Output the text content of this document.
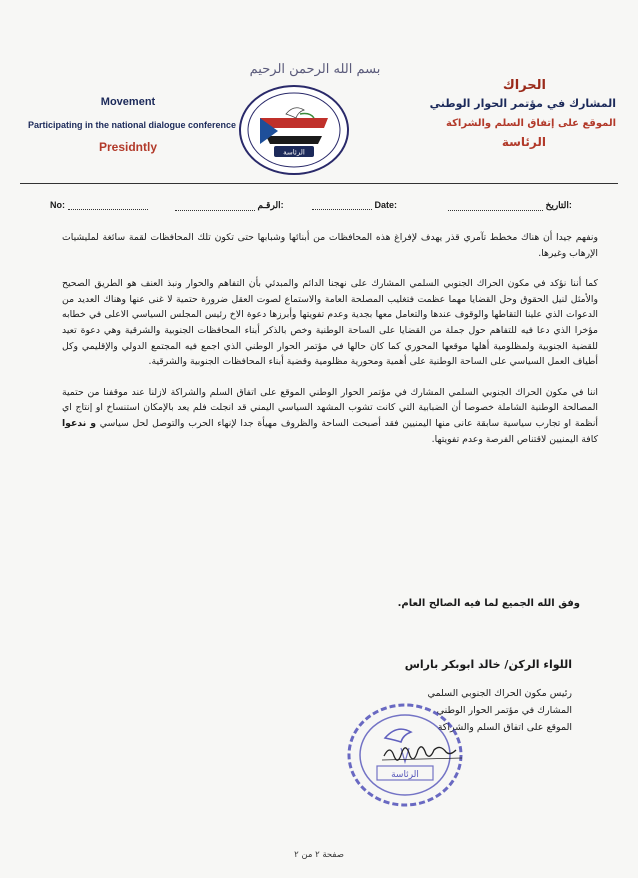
Movement
Participating in the national dialogue conference
Presidntly
بسم الله الرحمن الرحيم
الرئاسة
الحراك
المشارك في مؤتمر الحوار الوطني
الموقع على إتفاق السلم والشراكة
الرئاسة
No:	الرقـم:	Date:	التاريخ:

ونفهم جيدا أن هناك مخطط تآمري قذر يهدف لإفراغ هذه المحافظات من أبنائها وشبابها حتى تكون تلك المحافظات لقمة سائغة لمليشيات الإرهاب وغيرها.

كما أننا نؤكد في مكون الحراك الجنوبي السلمي المشارك على نهجنا الدائم والمبدئي بأن التفاهم والحوار ونبذ العنف هو الطريق الصحيح والأمثل لنيل الحقوق وحل القضايا مهما عظمت فتغليب المصلحة العامة والاستماع لصوت العقل ضرورة حتمية لا غنى عنها وهناك العديد من الدعوات الذي علينا التقاطها والوقوف عندها والتعامل معها بجدية وعدم تفويتها وأبرزها دعوة الاخ رئيس المجلس السياسي الاعلى في خطابه مؤخرا الذي دعا فيه للتفاهم حول جملة من القضايا على الساحة الوطنية وخص بالذكر أبناء المحافظات الجنوبية والشرقية وهي دعوة تعيد للقضية الجنوبية ولمظلومية أهلها موقعها المحوري كما كان حالها في مؤتمر الحوار الوطني الذي اجمع فيه المجتمع الدولي والإقليمي وكل أطياف العمل السياسي على الساحة الوطنية على أهمية ومحورية مظلومية وقضية أبناء المحافظات الجنوبية والشرقية.

اننا في مكون الحراك الجنوبي السلمي المشارك في مؤتمر الحوار الوطني الموقع على اتفاق السلم والشراكة لازلنا عند موقفنا من حتمية المصالحة الوطنية الشاملة خصوصا أن الضبابية التي كانت تشوب المشهد السياسي اليمني قد انجلت فلم يعد بالإمكان استنساخ او إنتاج اي أنظمة او تجارب سياسية سابقة عانى منها اليمنيين فقد أصبحت الساحة والظروف مهيأة جدا لإنهاء الحرب والتوصل لحل سياسي و ندعوا كافة اليمنيين لاقتناص الفرصة وعدم تفويتها.

وفق الله الجميع لما فيه الصالح العام.
اللواء الركن/ خالد ابوبكر باراس
رئيس مكون الحراك الجنوبي السلمي
المشارك في مؤتمر الحوار الوطني
الموقع على اتفاق السلم والشراكة
الرئاسة
صفحة ٢ من ٢
